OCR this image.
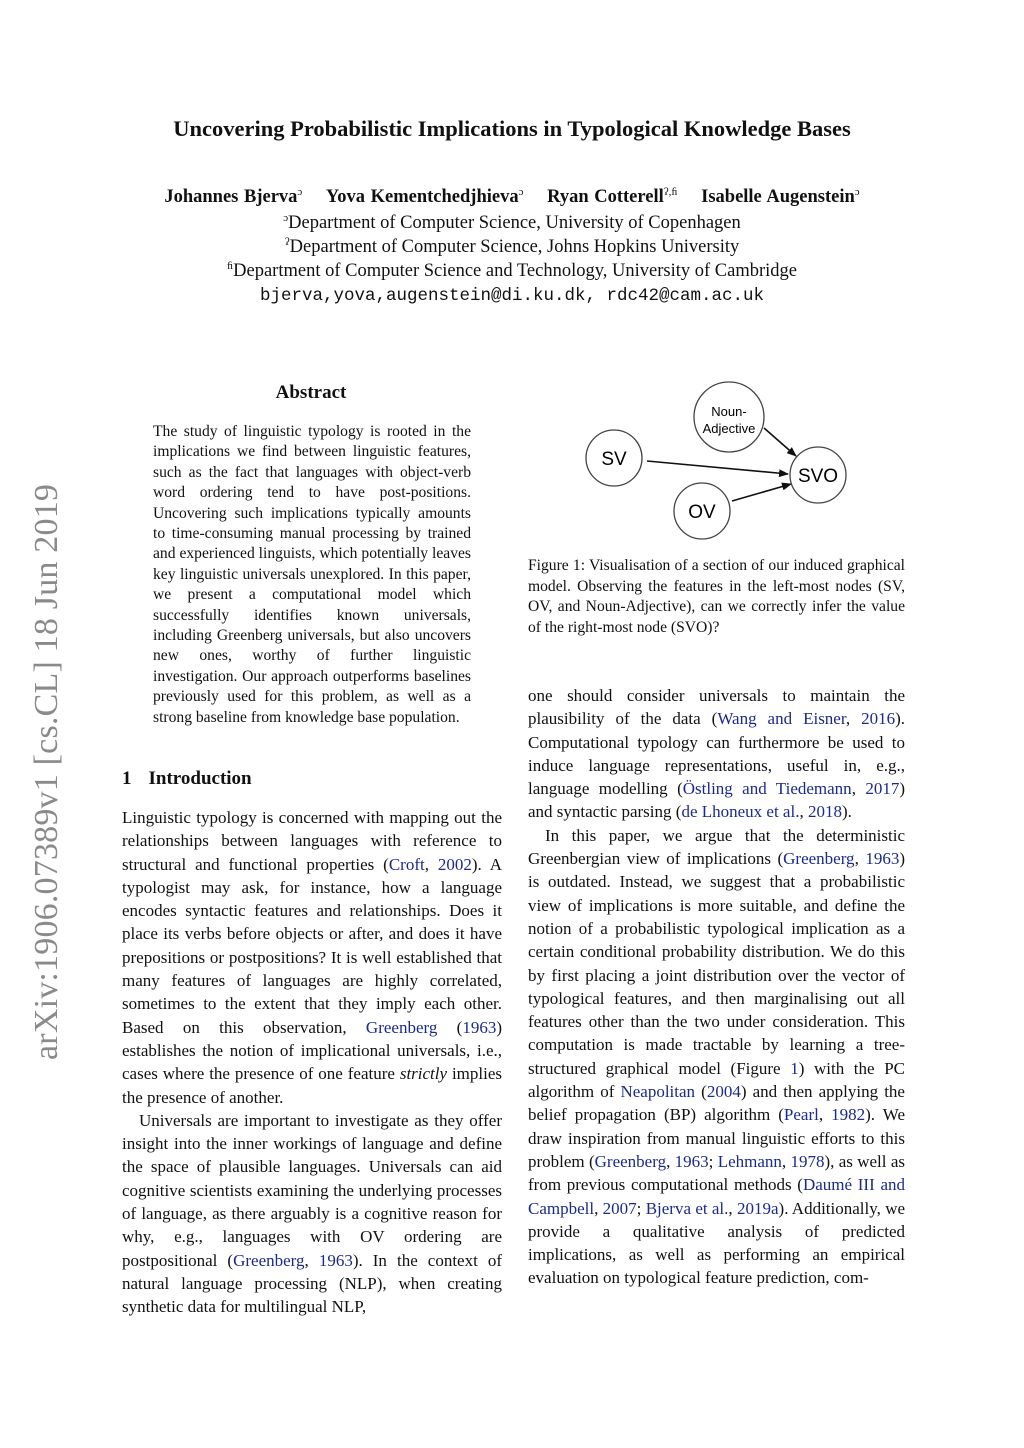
arXiv:1906.07389v1 [cs.CL] 18 Jun 2019
Uncovering Probabilistic Implications in Typological Knowledge Bases
Johannes Bjerva$^ɔ$ Yova Kementchedjhieva$^ɔ$ Ryan Cotterell$^{ʔ,ﬁ}$ Isabelle Augenstein$^ɔ$
$^ɔ$Department of Computer Science, University of Copenhagen
$^ʔ$Department of Computer Science, Johns Hopkins University
$^ﬁ$Department of Computer Science and Technology, University of Cambridge
bjerva,yova,augenstein@di.ku.dk, rdc42@cam.ac.uk
Abstract

The study of linguistic typology is rooted in the implications we find between linguistic features, such as the fact that languages with object-verb word ordering tend to have post-positions. Uncovering such implications typically amounts to time-consuming manual processing by trained and experienced linguists, which potentially leaves key linguistic universals unexplored. In this paper, we present a computational model which successfully identifies known universals, including Greenberg universals, but also uncovers new ones, worthy of further linguistic investigation. Our approach outperforms baselines previously used for this problem, as well as a strong baseline from knowledge base population.

Noun-
Adjective
SV
OV
SVO
Figure 1: Visualisation of a section of our induced graphical model. Observing the features in the left-most nodes (SV, OV, and Noun-Adjective), can we correctly infer the value of the right-most node (SVO)?
1 Introduction

Linguistic typology is concerned with mapping out the relationships between languages with reference to structural and functional properties (Croft, 2002). A typologist may ask, for instance, how a language encodes syntactic features and relationships. Does it place its verbs before objects or after, and does it have prepositions or postpositions? It is well established that many features of languages are highly correlated, sometimes to the extent that they imply each other. Based on this observation, Greenberg (1963) establishes the notion of implicational universals, i.e., cases where the presence of one feature strictly implies the presence of another.

Universals are important to investigate as they offer insight into the inner workings of language and define the space of plausible languages. Universals can aid cognitive scientists examining the underlying processes of language, as there arguably is a cognitive reason for why, e.g., languages with OV ordering are postpositional (Greenberg, 1963). In the context of natural language processing (NLP), when creating synthetic data for multilingual NLP,

one should consider universals to maintain the plausibility of the data (Wang and Eisner, 2016). Computational typology can furthermore be used to induce language representations, useful in, e.g., language modelling (Östling and Tiedemann, 2017) and syntactic parsing (de Lhoneux et al., 2018).

In this paper, we argue that the deterministic Greenbergian view of implications (Greenberg, 1963) is outdated. Instead, we suggest that a probabilistic view of implications is more suitable, and define the notion of a probabilistic typological implication as a certain conditional probability distribution. We do this by first placing a joint distribution over the vector of typological features, and then marginalising out all features other than the two under consideration. This computation is made tractable by learning a tree-structured graphical model (Figure 1) with the PC algorithm of Neapolitan (2004) and then applying the belief propagation (BP) algorithm (Pearl, 1982). We draw inspiration from manual linguistic efforts to this problem (Greenberg, 1963; Lehmann, 1978), as well as from previous computational methods (Daumé III and Campbell, 2007; Bjerva et al., 2019a). Additionally, we provide a qualitative analysis of predicted implications, as well as performing an empirical evaluation on typological feature prediction, com-
